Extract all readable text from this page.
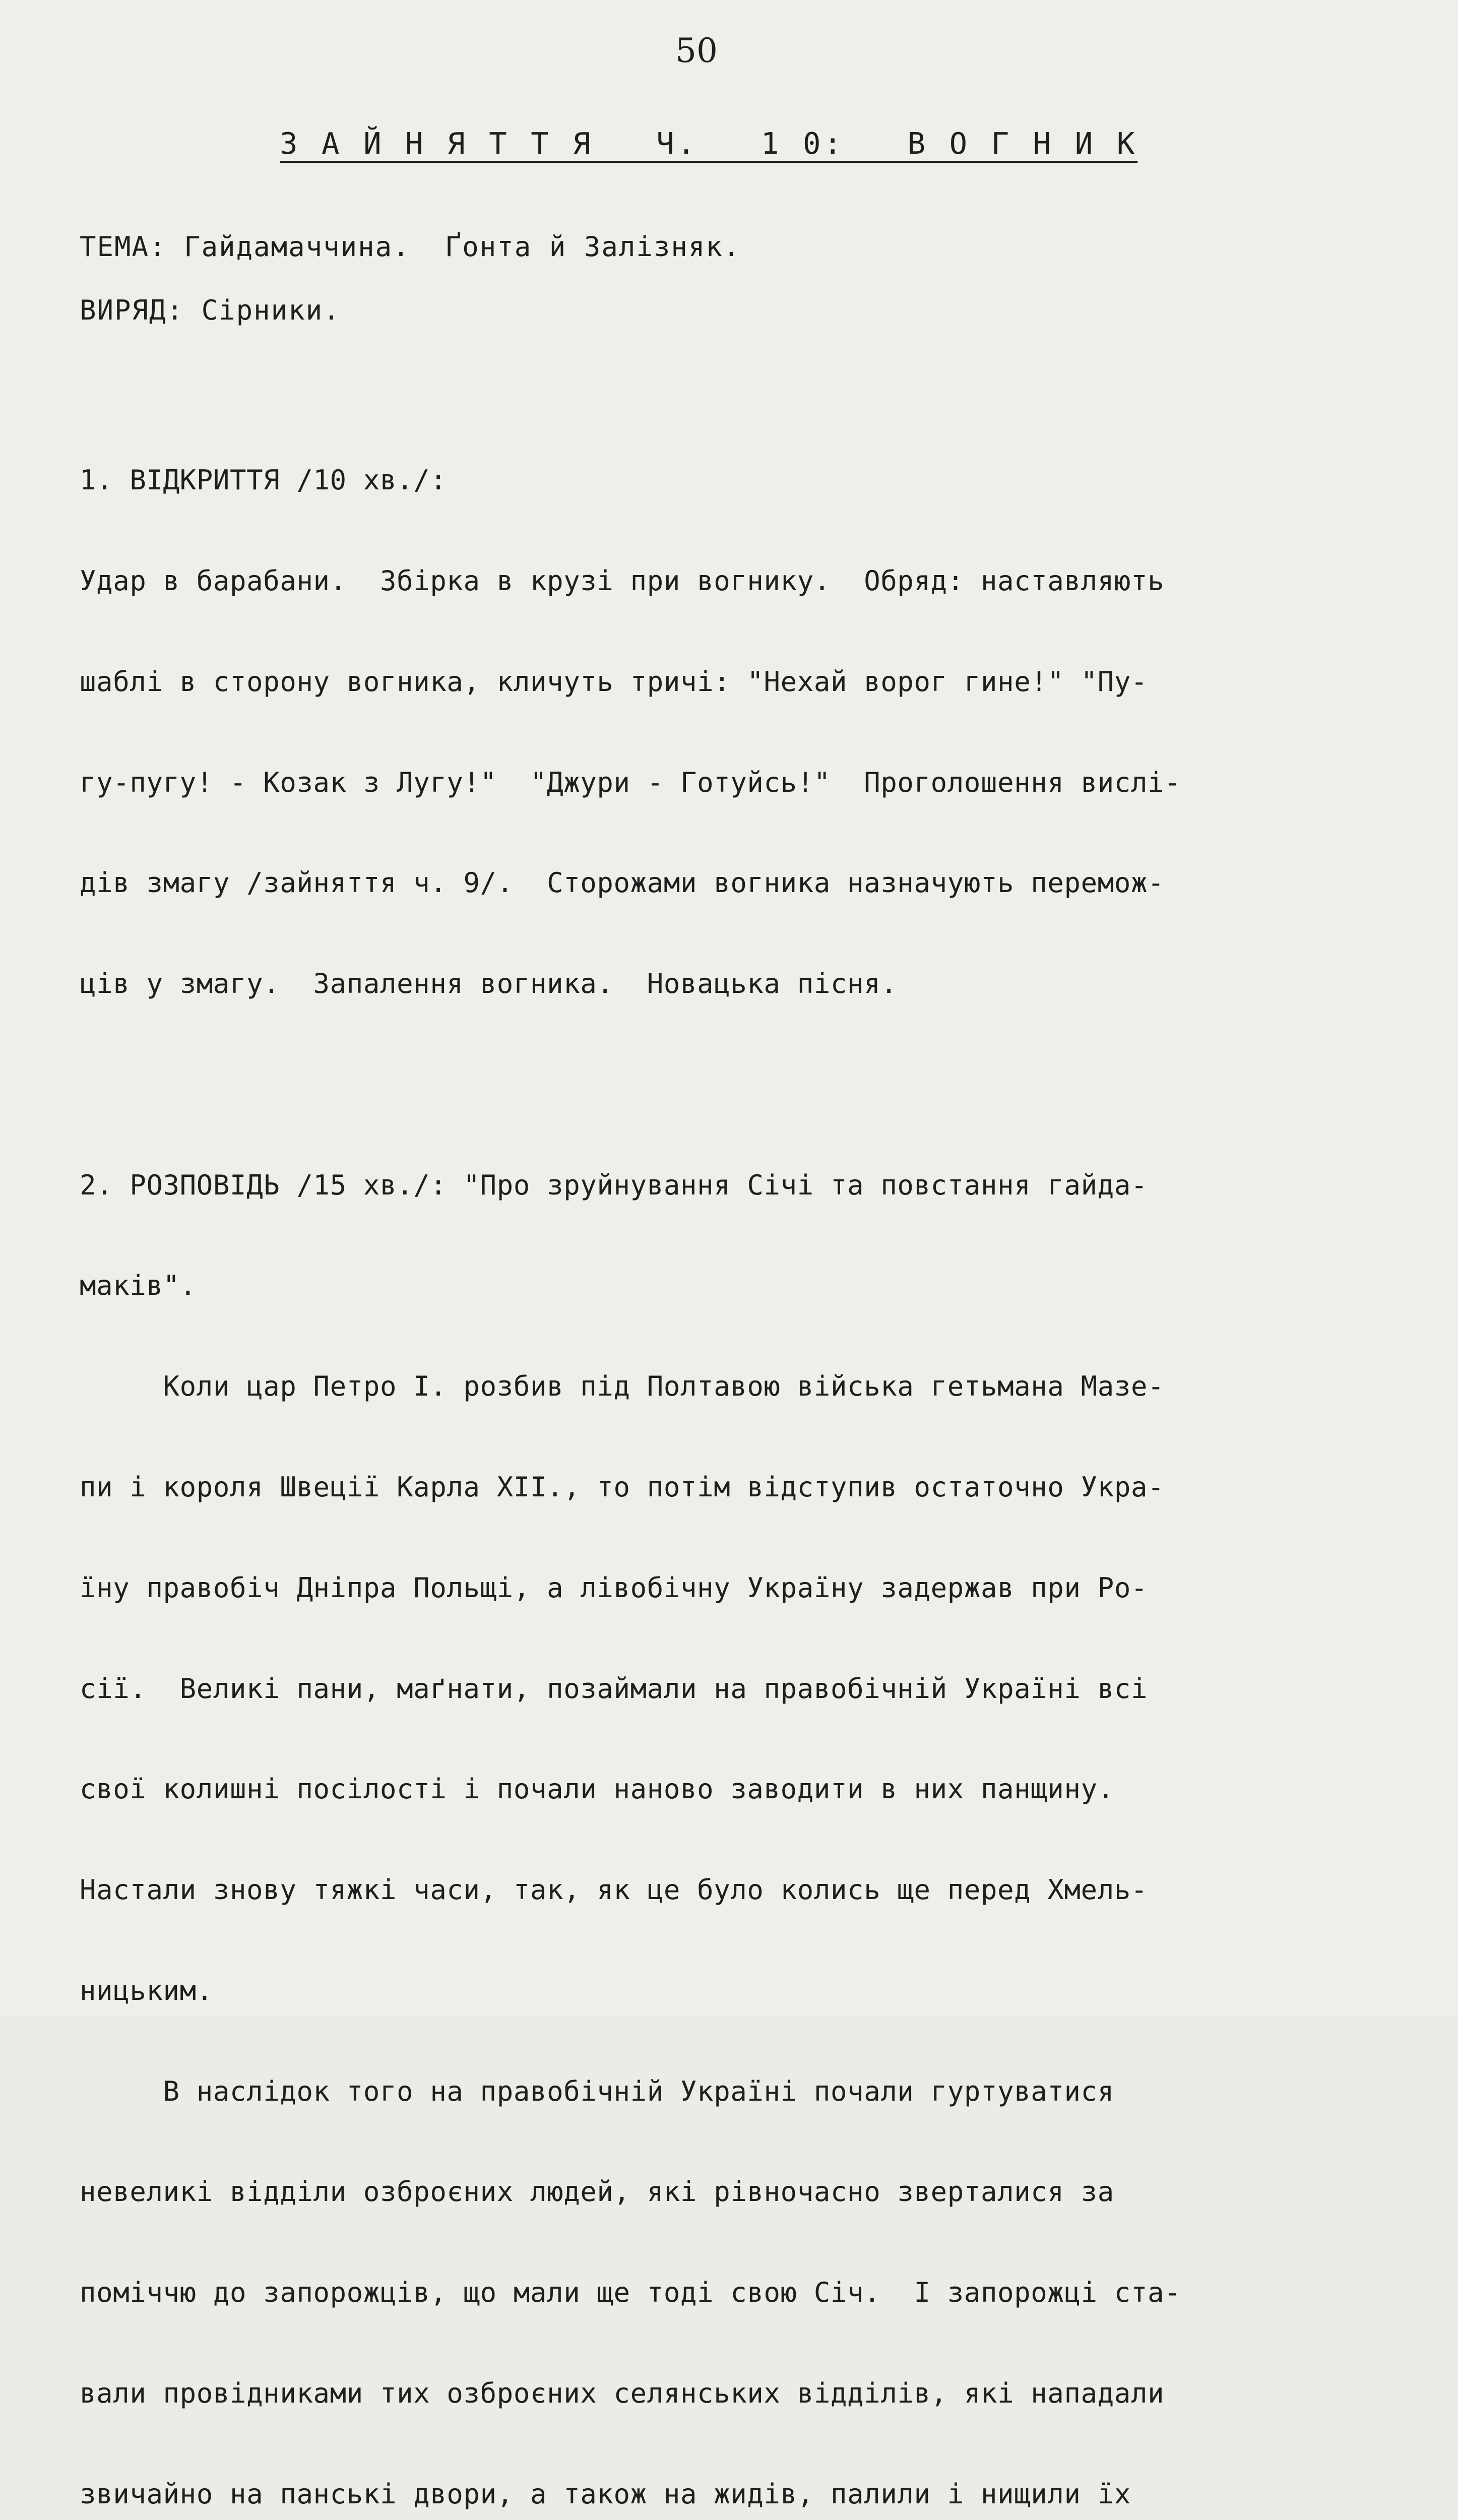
50
З А Й Н Я Т Т Я   Ч.   1 0:   В О Г Н И К
ТЕМА: Гайдамаччина.  Ґонта й Залізняк.
ВИРЯД: Сірники.

1. ВІДКРИТТЯ /10 хв./:

Удар в барабани.  Збірка в крузі при вогнику.  Обряд: наставляють

шаблі в сторону вогника, кличуть тричі: "Нехай ворог гине!" "Пу-

гу-пугу! - Козак з Лугу!"  "Джури - Готуйсь!"  Проголошення вислі-

дів змагу /зайняття ч. 9/.  Сторожами вогника назначують перемож-

ців у змагу.  Запалення вогника.  Новацька пісня.

2. РОЗПОВІДЬ /15 хв./: "Про зруйнування Січі та повстання гайда-

маків".

Коли цар Петро І. розбив під Полтавою війська гетьмана Мазе-

пи і короля Швеції Карла XII., то потім відступив остаточно Укра-

їну правобіч Дніпра Польщі, а лівобічну Україну задержав при Ро-

сії.  Великі пани, маґнати, позаймали на правобічній Україні всі

свої колишні посілості і почали наново заводити в них панщину.

Настали знову тяжкі часи, так, як це було колись ще перед Хмель-

ницьким.

В наслідок того на правобічній Україні почали гуртуватися

невеликі відділи озброєних людей, які рівночасно зверталися за

поміччю до запорожців, що мали ще тоді свою Січ.  І запорожці ста-

вали провідниками тих озброєних селянських відділів, які нападали

звичайно на панські двори, а також на жидів, палили і нищили їх
